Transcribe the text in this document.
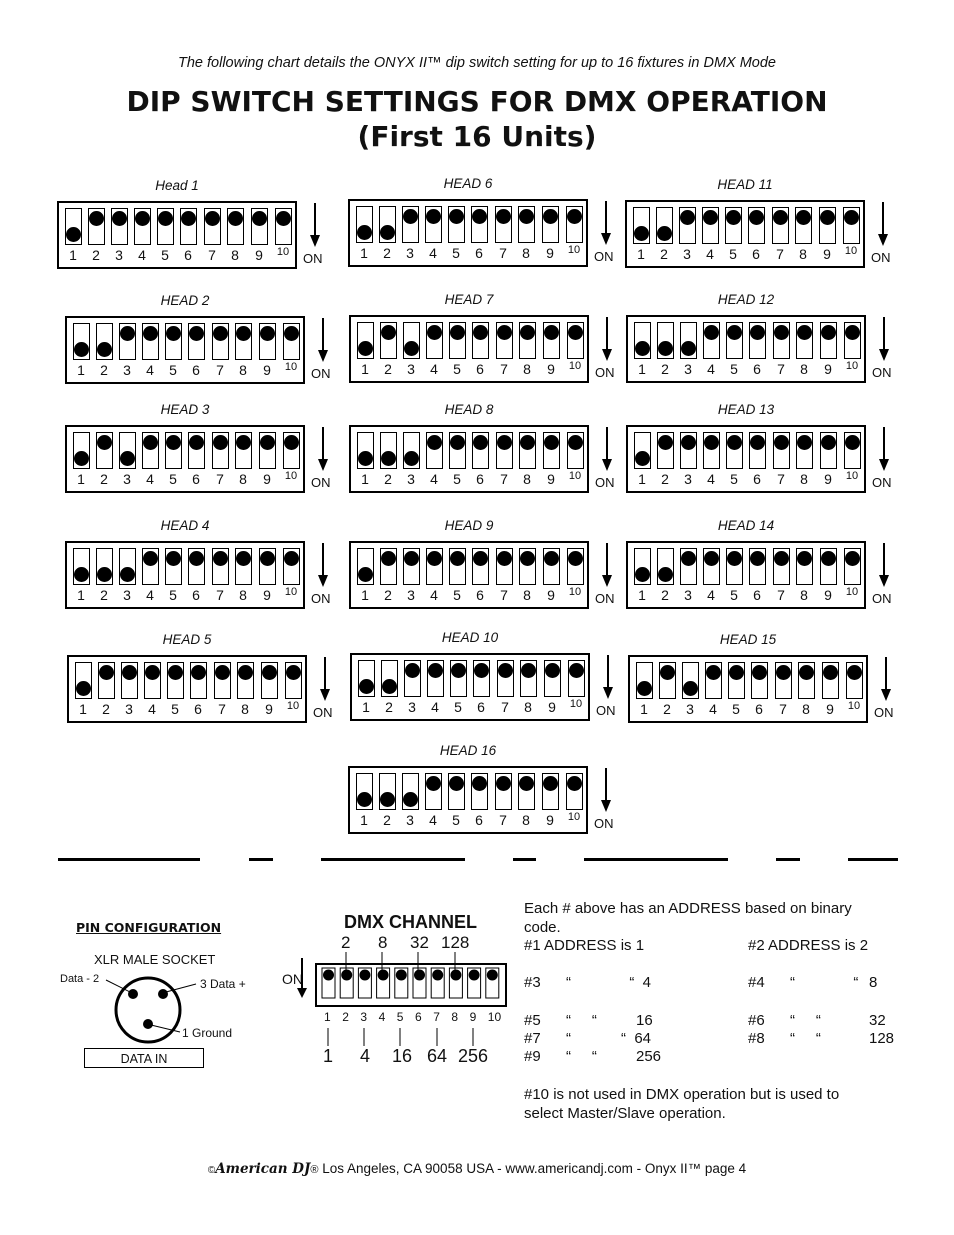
The following chart details the ONYX II™ dip switch setting for up to 16 fixtures in DMX Mode
DIP SWITCH SETTINGS FOR DMX OPERATION
(First 16 Units)
Head 1
1	2	3	4	5	6	7	8	9	10 ON
HEAD 2
1	2	3	4	5	6	7	8	9	10 ON
HEAD 3
1	2	3	4	5	6	7	8	9	10 ON
HEAD 4
1	2	3	4	5	6	7	8	9	10 ON
HEAD 5
1	2	3	4	5	6	7	8	9	10 ON
HEAD 6
1	2	3	4	5	6	7	8	9	10 ON
HEAD 7
1	2	3	4	5	6	7	8	9	10 ON
HEAD 8
1	2	3	4	5	6	7	8	9	10 ON
HEAD 9
1	2	3	4	5	6	7	8	9	10 ON
HEAD 10
1	2	3	4	5	6	7	8	9	10 ON
HEAD 11
1	2	3	4	5	6	7	8	9	10 ON
HEAD 12
1	2	3	4	5	6	7	8	9	10 ON
HEAD 13
1	2	3	4	5	6	7	8	9	10 ON
HEAD 14
1	2	3	4	5	6	7	8	9	10 ON
HEAD 15
1	2	3	4	5	6	7	8	9	10 ON
HEAD 16
1	2	3	4	5	6	7	8	9	10 ON
PIN CONFIGURATION
XLR MALE SOCKET
Data - 2	3 Data +
1 Ground
DATA IN
DMX CHANNEL
2 8 32 128
ON
1 2 3 4 5 6 7 8 9 10
1 4 16 64 256
Each # above has an ADDRESS based on binary code.
#1 ADDRESS is 1	#2 ADDRESS is 2
#3 “              “  4	#4 “              “ 8
#5 “     “	16	#6 “     “	32
#7 “            “  64	#8 “     “	128
#9 “     “	256
#10 is not used in DMX operation but is used to select Master/Slave operation.
©American DJ® Los Angeles, CA 90058 USA - www.americandj.com - Onyx II™ page 4
